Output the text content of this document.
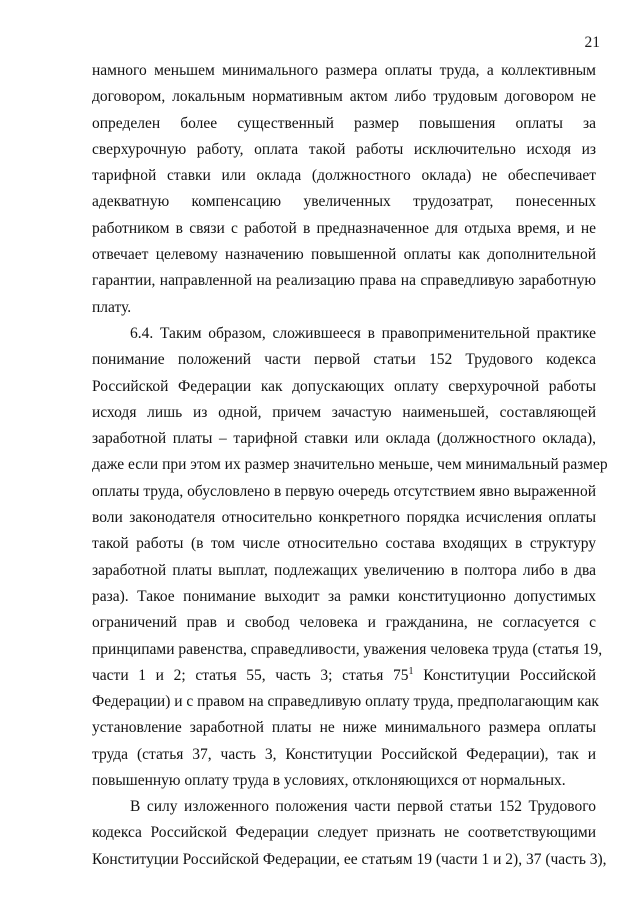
21
намного меньшем минимального размера оплаты труда, а коллективным
договором, локальным нормативным актом либо трудовым договором не
определен более существенный размер повышения оплаты за
сверхурочную работу, оплата такой работы исключительно исходя из
тарифной ставки или оклада (должностного оклада) не обеспечивает
адекватную компенсацию увеличенных трудозатрат, понесенных
работником в связи с работой в предназначенное для отдыха время, и не
отвечает целевому назначению повышенной оплаты как дополнительной
гарантии, направленной на реализацию права на справедливую заработную
плату.
6.4. Таким образом, сложившееся в правоприменительной практике
понимание положений части первой статьи 152 Трудового кодекса
Российской Федерации как допускающих оплату сверхурочной работы
исходя лишь из одной, причем зачастую наименьшей, составляющей
заработной платы – тарифной ставки или оклада (должностного оклада),
даже если при этом их размер значительно меньше, чем минимальный размер
оплаты труда, обусловлено в первую очередь отсутствием явно выраженной
воли законодателя относительно конкретного порядка исчисления оплаты
такой работы (в том числе относительно состава входящих в структуру
заработной платы выплат, подлежащих увеличению в полтора либо в два
раза). Такое понимание выходит за рамки конституционно допустимых
ограничений прав и свобод человека и гражданина, не согласуется с
принципами равенства, справедливости, уважения человека труда (статья 19,
части 1 и 2; статья 55, часть 3; статья $75^1$ Конституции Российской
Федерации) и с правом на справедливую оплату труда, предполагающим как
установление заработной платы не ниже минимального размера оплаты
труда (статья 37, часть 3, Конституции Российской Федерации), так и
повышенную оплату труда в условиях, отклоняющихся от нормальных.
В силу изложенного положения части первой статьи 152 Трудового
кодекса Российской Федерации следует признать не соответствующими
Конституции Российской Федерации, ее статьям 19 (части 1 и 2), 37 (часть 3),
